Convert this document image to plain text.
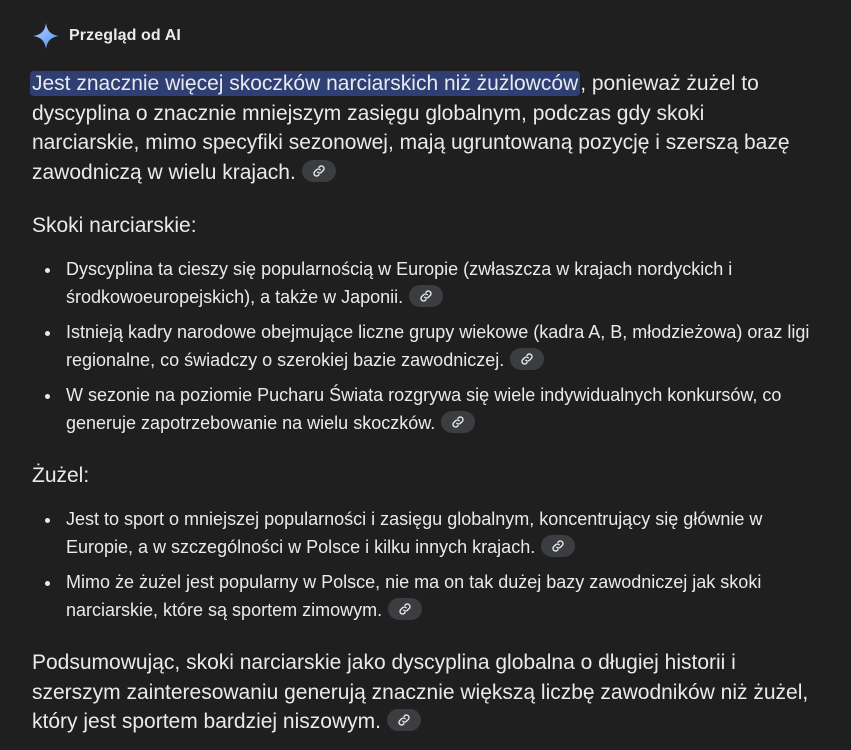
Przegląd od AI
Jest znacznie więcej skoczków narciarskich niż żużlowców, ponieważ żużel to dyscyplina o znacznie mniejszym zasięgu globalnym, podczas gdy skoki narciarskie, mimo specyfiki sezonowej, mają ugruntowaną pozycję i szerszą bazę zawodniczą w wielu krajach.
Skoki narciarskie:
Dyscyplina ta cieszy się popularnością w Europie (zwłaszcza w krajach nordyckich i środkowoeuropejskich), a także w Japonii.
Istnieją kadry narodowe obejmujące liczne grupy wiekowe (kadra A, B, młodzieżowa) oraz ligi regionalne, co świadczy o szerokiej bazie zawodniczej.
W sezonie na poziomie Pucharu Świata rozgrywa się wiele indywidualnych konkursów, co generuje zapotrzebowanie na wielu skoczków.
Żużel:
Jest to sport o mniejszej popularności i zasięgu globalnym, koncentrujący się głównie w Europie, a w szczególności w Polsce i kilku innych krajach.
Mimo że żużel jest popularny w Polsce, nie ma on tak dużej bazy zawodniczej jak skoki narciarskie, które są sportem zimowym.
Podsumowując, skoki narciarskie jako dyscyplina globalna o długiej historii i szerszym zainteresowaniu generują znacznie większą liczbę zawodników niż żużel, który jest sportem bardziej niszowym.
